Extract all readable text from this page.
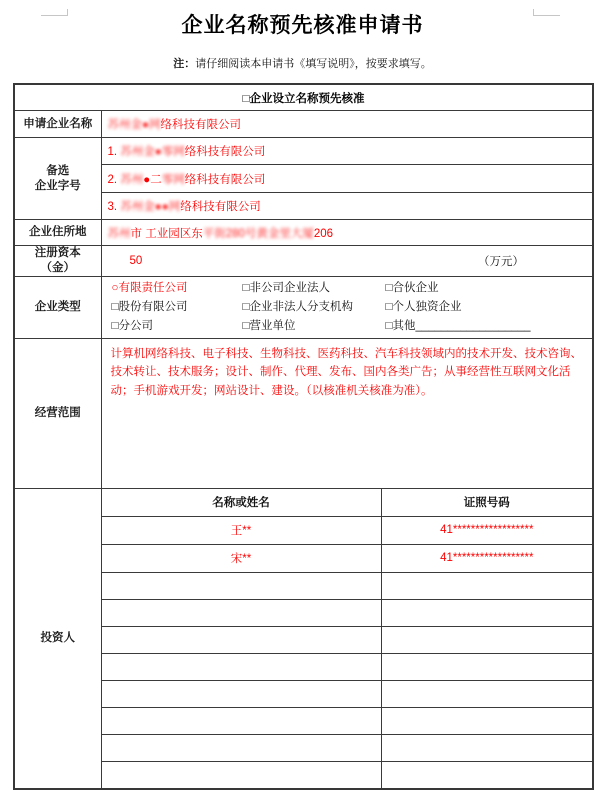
企业名称预先核准申请书
注：请仔细阅读本申请书《填写说明》，按要求填写。
□企业设立名称预先核准		
申请企业名称	苏州金●网络科技有限公司	

备选
企业字号	1. 苏州金●零网络科技有限公司	
	2. 苏州●二零网络科技有限公司	
	3. 苏州金●●网络科技有限公司	
企业住所地	苏州市 工业园区东平街280号黄金里大厦206	
注册资本（金）	50 （万元）	

企业类型	
○有限责任公司	□非公司企业法人	□合伙企业
□股份有限公司	□企业非法人分支机构	□个人独资企业
□分公司	□营业单位	□其他__________________

经营范围	计算机网络科技、电子科技、生物科技、医药科技、汽车科技领域内的技术开发、技术咨询、技术转让、技术服务；设计、制作、代理、发布、国内各类广告；从事经营性互联网文化活动；手机游戏开发；网站设计、建设。（以核准机关核准为准）。	

投资人	名称或姓名	证照号码
	王**	41******************
	宋**	41******************
